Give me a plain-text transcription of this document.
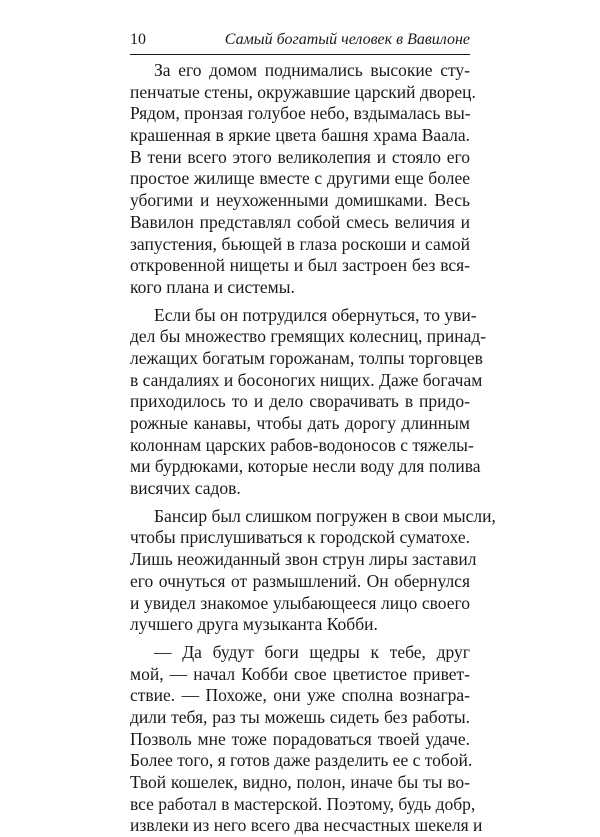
10	Самый богатый человек в Вавилоне
За его домом поднимались высокие сту-
пенчатые стены, окружавшие царский дворец.
Рядом, пронзая голубое небо, вздымалась вы-
крашенная в яркие цвета башня храма Ваала.
В тени всего этого великолепия и стояло его
простое жилище вместе с другими еще более
убогими и неухоженными домишками. Весь
Вавилон представлял собой смесь величия и
запустения, бьющей в глаза роскоши и самой
откровенной нищеты и был застроен без вся-
кого плана и системы.
Если бы он потрудился обернуться, то уви-
дел бы множество гремящих колесниц, принад-
лежащих богатым горожанам, толпы торговцев
в сандалиях и босоногих нищих. Даже богачам
приходилось то и дело сворачивать в придо-
рожные канавы, чтобы дать дорогу длинным
колоннам царских рабов-водоносов с тяжелы-
ми бурдюками, которые несли воду для полива
висячих садов.
Бансир был слишком погружен в свои мысли,
чтобы прислушиваться к городской суматохе.
Лишь неожиданный звон струн лиры заставил
его очнуться от размышлений. Он обернулся
и увидел знакомое улыбающееся лицо своего
лучшего друга музыканта Кобби.
— Да будут боги щедры к тебе, друг
мой, — начал Кобби свое цветистое привет-
ствие. — Похоже, они уже сполна вознагра-
дили тебя, раз ты можешь сидеть без работы.
Позволь мне тоже порадоваться твоей удаче.
Более того, я готов даже разделить ее с тобой.
Твой кошелек, видно, полон, иначе бы ты во-
все работал в мастерской. Поэтому, будь добр,
извлеки из него всего два несчастных шекеля и
